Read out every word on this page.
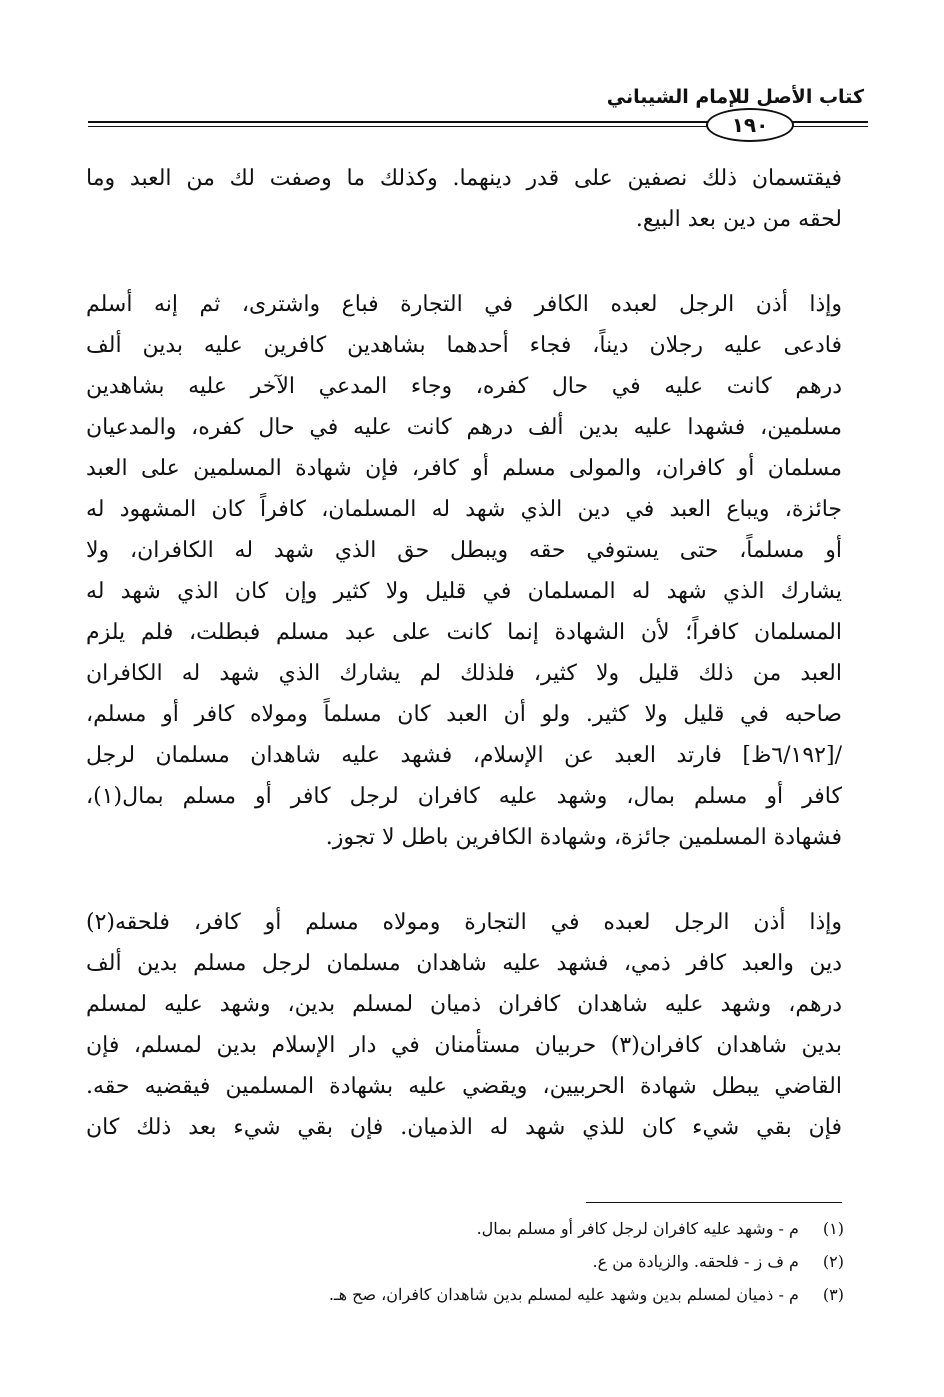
كتاب الأصل للإمام الشيباني
١٩٠

فيقتسمان ذلك نصفين على قدر دينهما. وكذلك ما وصفت لك من العبد وما
لحقه من دين بعد البيع.

وإذا أذن الرجل لعبده الكافر في التجارة فباع واشترى، ثم إنه أسلم
فادعى عليه رجلان ديناً، فجاء أحدهما بشاهدين كافرين عليه بدين ألف
درهم كانت عليه في حال كفره، وجاء المدعي الآخر عليه بشاهدين
مسلمين، فشهدا عليه بدين ألف درهم كانت عليه في حال كفره، والمدعيان
مسلمان أو كافران، والمولى مسلم أو كافر، فإن شهادة المسلمين على العبد
جائزة، ويباع العبد في دين الذي شهد له المسلمان، كافراً كان المشهود له
أو مسلماً، حتى يستوفي حقه ويبطل حق الذي شهد له الكافران، ولا
يشارك الذي شهد له المسلمان في قليل ولا كثير وإن كان الذي شهد له
المسلمان كافراً؛ لأن الشهادة إنما كانت على عبد مسلم فبطلت، فلم يلزم
العبد من ذلك قليل ولا كثير، فلذلك لم يشارك الذي شهد له الكافران
صاحبه في قليل ولا كثير. ولو أن العبد كان مسلماً ومولاه كافر أو مسلم،
/[٦/١٩٢ظ] فارتد العبد عن الإسلام، فشهد عليه شاهدان مسلمان لرجل
كافر أو مسلم بمال، وشهد عليه كافران لرجل كافر أو مسلم بمال(١)،
فشهادة المسلمين جائزة، وشهادة الكافرين باطل لا تجوز.

وإذا أذن الرجل لعبده في التجارة ومولاه مسلم أو كافر، فلحقه(٢)
دين والعبد كافر ذمي، فشهد عليه شاهدان مسلمان لرجل مسلم بدين ألف
درهم، وشهد عليه شاهدان كافران ذميان لمسلم بدين، وشهد عليه لمسلم
بدين شاهدان كافران(٣) حربيان مستأمنان في دار الإسلام بدين لمسلم، فإن
القاضي يبطل شهادة الحربيين، ويقضي عليه بشهادة المسلمين فيقضيه حقه.
فإن بقي شيء كان للذي شهد له الذميان. فإن بقي شيء بعد ذلك كان

(١) م - وشهد عليه كافران لرجل كافر أو مسلم بمال.
(٢) م ف ز - فلحقه. والزيادة من ع.
(٣) م - ذميان لمسلم بدين وشهد عليه لمسلم بدين شاهدان كافران، صح هـ.
